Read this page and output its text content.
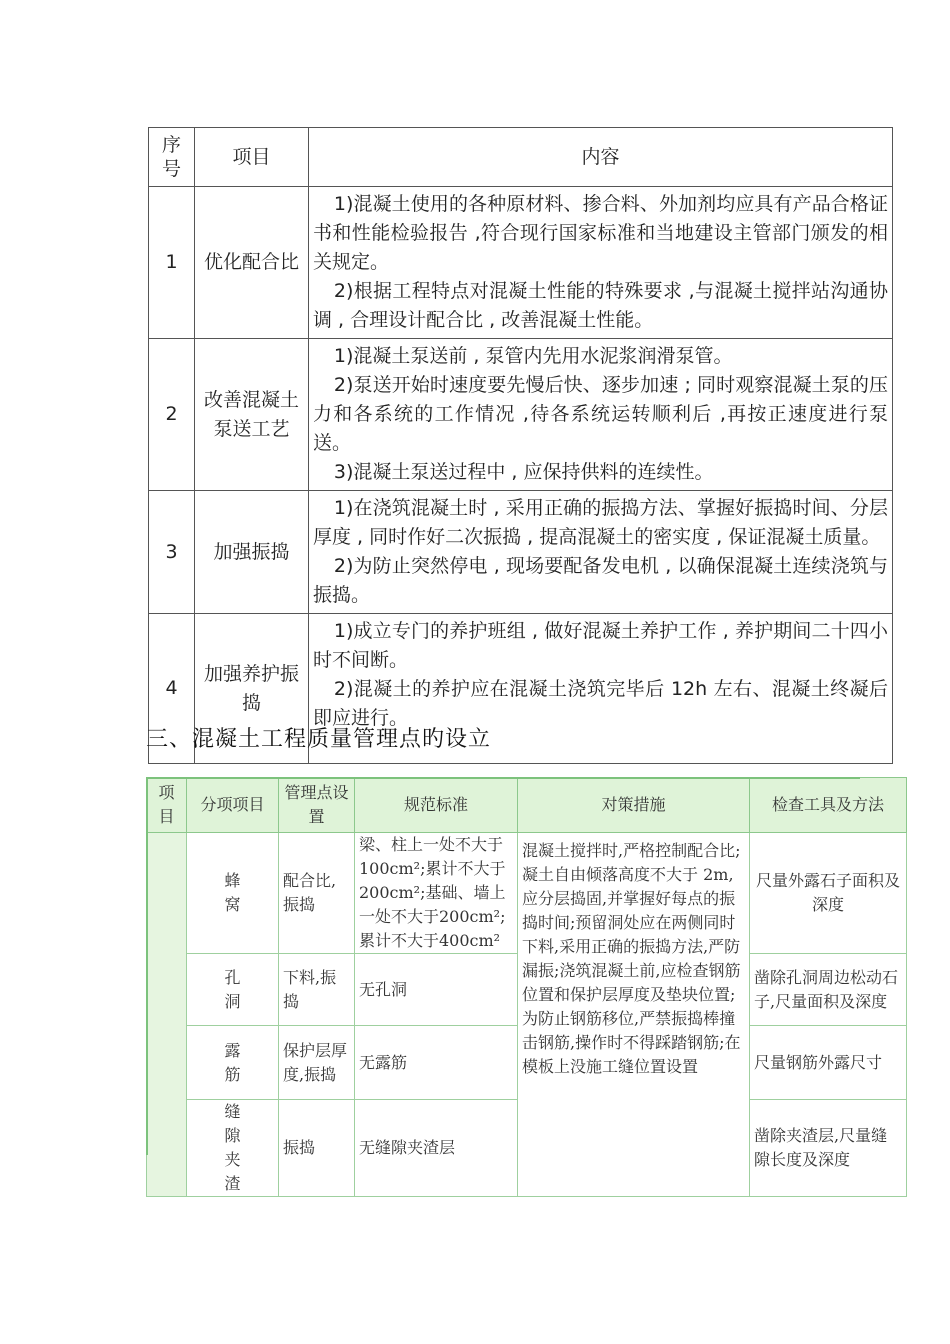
序号	项目	内容
1	优化配合比	1)混凝土使用的各种原材料、掺合料、外加剂均应具有产品合格证书和性能检验报告 ,符合现行国家标准和当地建设主管部门颁发的相关规定。

2)根据工程特点对混凝土性能的特殊要求 ,与混凝土搅拌站沟通协调 , 合理设计配合比 , 改善混凝土性能。

2	改善混凝土泵送工艺	1)混凝土泵送前 , 泵管内先用水泥浆润滑泵管。

2)泵送开始时速度要先慢后快、逐步加速 ; 同时观察混凝土泵的压力和各系统的工作情况 ,待各系统运转顺利后 ,再按正速度进行泵送。

3)混凝土泵送过程中 , 应保持供料的连续性。

3	加强振捣	1)在浇筑混凝土时 , 采用正确的振捣方法、掌握好振捣时间、分层厚度 , 同时作好二次振捣 , 提高混凝土的密实度 , 保证混凝土质量。

2)为防止突然停电 , 现场要配备发电机 , 以确保混凝土连续浇筑与振捣。

4	加强养护振捣	1)成立专门的养护班组 , 做好混凝土养护工作 , 养护期间二十四小时不间断。

2)混凝土的养护应在混凝土浇筑完毕后 12h 左右、混凝土终凝后即应进行。

三、混凝土工程质量管理点旳设立
项目	分项项目	管理点设置	规范标准	对策措施	检查工具及方法
	蜂窝	配合比,振捣	梁、柱上一处不大于100cm²;累计不大于200cm²;基础、墙上一处不大于200cm²;累计不大于400cm²	混凝土搅拌时,严格控制配合比;凝土自由倾落高度不大于 2m,应分层捣固,并掌握好每点的振捣时间;预留洞处应在两侧同时下料,采用正确的振捣方法,严防漏振;浇筑混凝土前,应检查钢筋位置和保护层厚度及垫块位置;为防止钢筋移位,严禁振捣棒撞击钢筋,操作时不得踩踏钢筋;在模板上没施工缝位置设置	尺量外露石子面积及深度
	孔洞	下料,振捣	无孔洞		凿除孔洞周边松动石子,尺量面积及深度
	露筋	保护层厚度,振捣	无露筋		尺量钢筋外露尺寸
	缝隙夹渣	振捣	无缝隙夹渣层		凿除夹渣层,尺量缝隙长度及深度
